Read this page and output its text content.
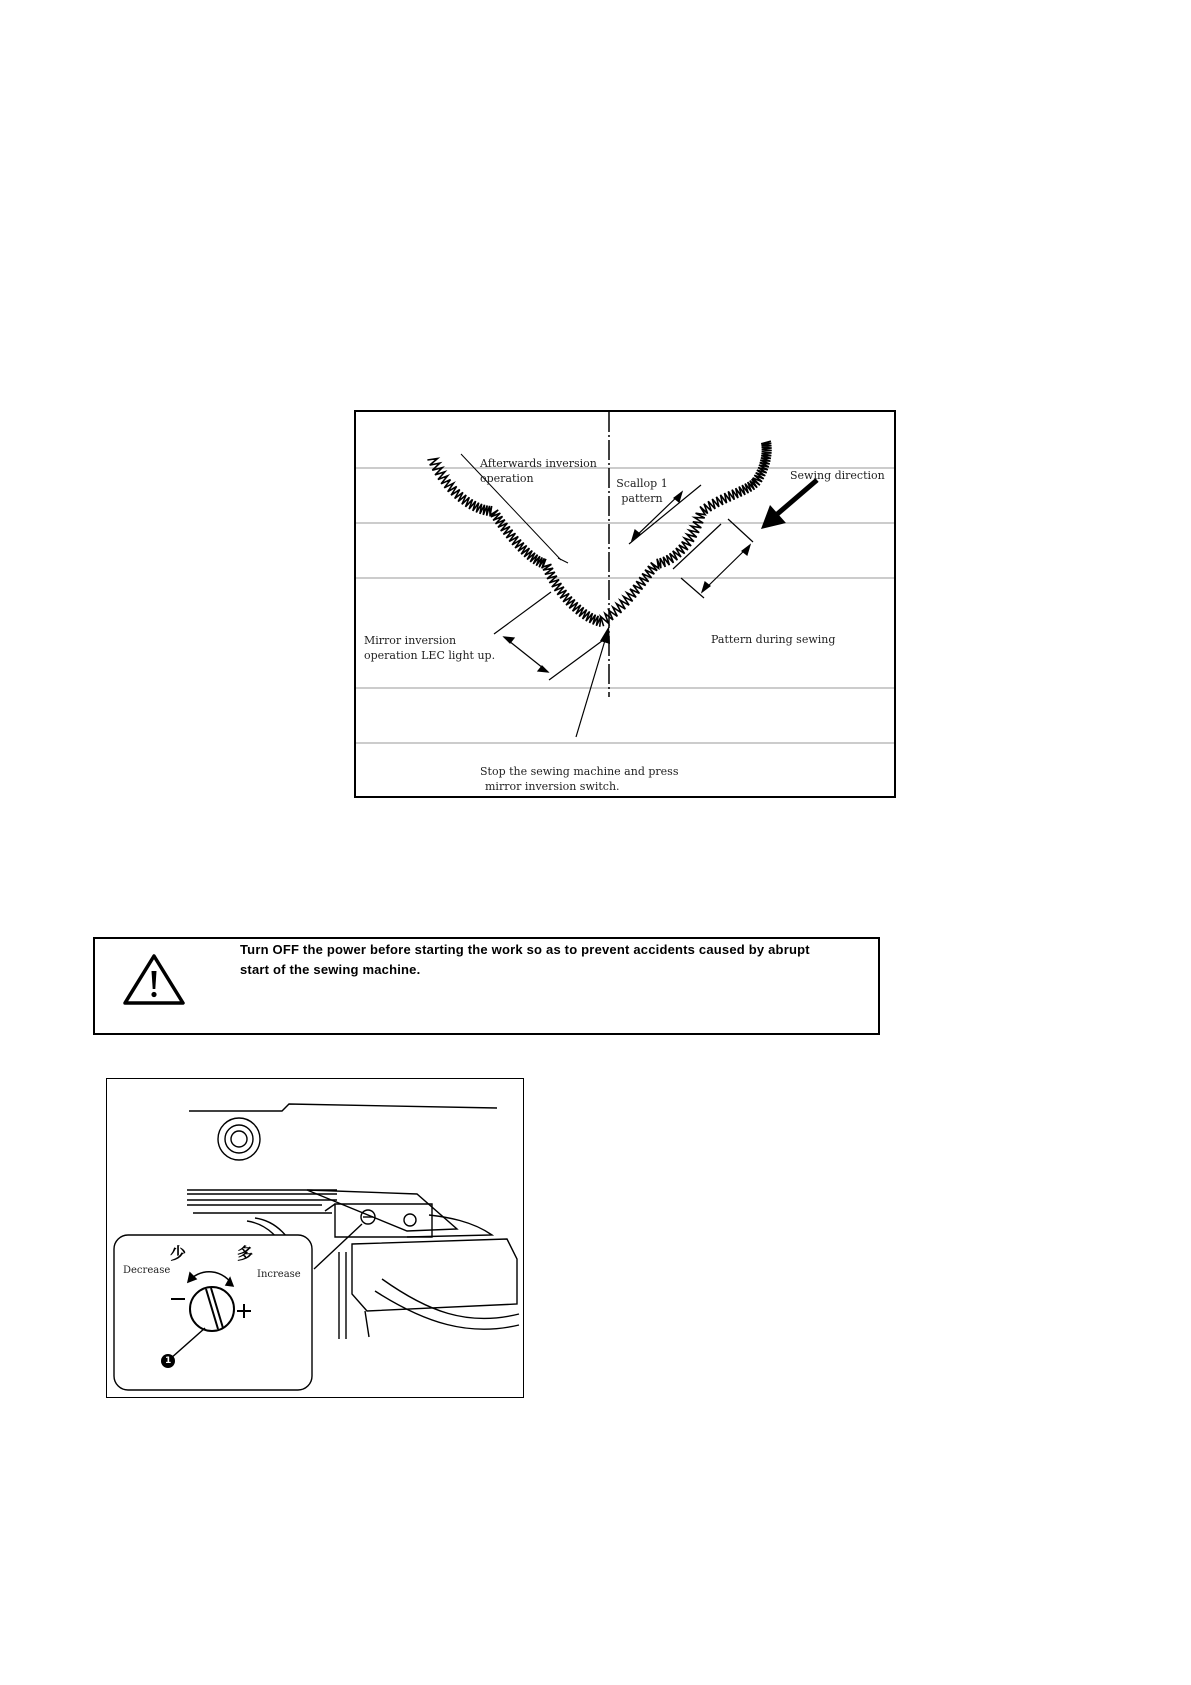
Afterwards inversion
operation	Scallop 1
pattern
Sewing direction
Mirror inversion
operation LEC light up.
Pattern during sewing
Stop the sewing machine and press
mirror inversion switch.
Turn OFF the power before starting the work so as to prevent accidents caused by abrupt
start of the sewing machine.
少	多
Decrease	Increase
1
